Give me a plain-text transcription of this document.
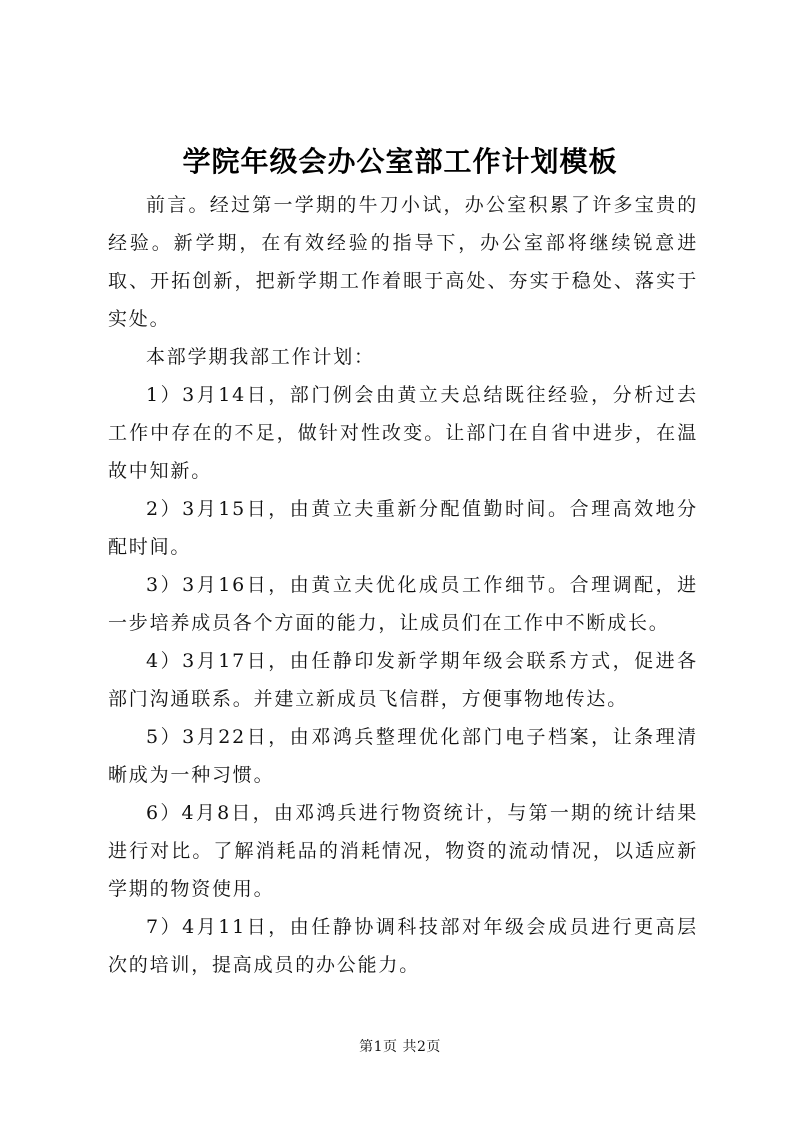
学院年级会办公室部工作计划模板

前言。经过第一学期的牛刀小试，办公室积累了许多宝贵的经验。新学期，在有效经验的指导下，办公室部将继续锐意进取、开拓创新，把新学期工作着眼于高处、夯实于稳处、落实于实处。

本部学期我部工作计划：

1）3月14日，部门例会由黄立夫总结既往经验，分析过去工作中存在的不足，做针对性改变。让部门在自省中进步，在温故中知新。

2）3月15日，由黄立夫重新分配值勤时间。合理高效地分配时间。

3）3月16日，由黄立夫优化成员工作细节。合理调配，进一步培养成员各个方面的能力，让成员们在工作中不断成长。

4）3月17日，由任静印发新学期年级会联系方式，促进各部门沟通联系。并建立新成员飞信群，方便事物地传达。

5）3月22日，由邓鸿兵整理优化部门电子档案，让条理清晰成为一种习惯。

6）4月8日，由邓鸿兵进行物资统计，与第一期的统计结果进行对比。了解消耗品的消耗情况，物资的流动情况，以适应新学期的物资使用。

7）4月11日，由任静协调科技部对年级会成员进行更高层次的培训，提高成员的办公能力。

第1页 共2页
